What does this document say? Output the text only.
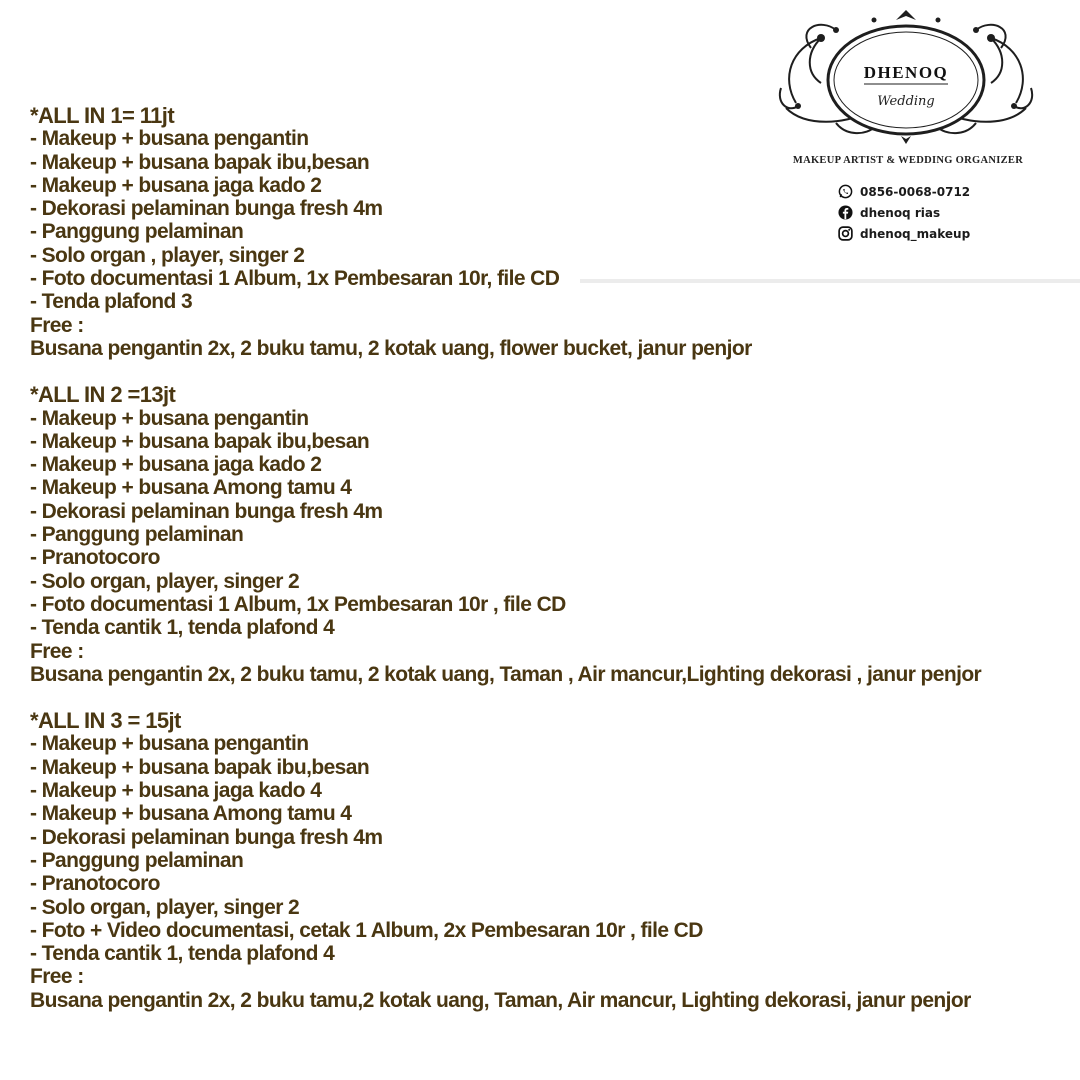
*ALL IN 1= 11jt
- Makeup + busana pengantin
- Makeup + busana bapak ibu,besan
- Makeup + busana jaga kado 2
- Dekorasi pelaminan bunga fresh 4m
- Panggung pelaminan
- Solo organ , player, singer 2
- Foto documentasi 1 Album, 1x Pembesaran 10r, file CD
- Tenda plafond 3
Free :
Busana pengantin 2x, 2 buku tamu, 2 kotak uang, flower bucket, janur penjor
*ALL IN 2 =13jt
- Makeup + busana pengantin
- Makeup + busana bapak ibu,besan
- Makeup + busana jaga kado 2
- Makeup + busana Among tamu 4
- Dekorasi pelaminan bunga fresh 4m
- Panggung pelaminan
- Pranotocoro
- Solo organ, player, singer 2
- Foto documentasi 1 Album, 1x Pembesaran 10r , file CD
- Tenda cantik 1, tenda plafond 4
Free :
Busana pengantin 2x, 2 buku tamu, 2 kotak uang, Taman , Air mancur,Lighting dekorasi , janur penjor
*ALL IN 3 = 15jt
- Makeup + busana pengantin
- Makeup + busana bapak ibu,besan
- Makeup + busana jaga kado 4
- Makeup + busana Among tamu 4
- Dekorasi pelaminan bunga fresh 4m
- Panggung pelaminan
- Pranotocoro
- Solo organ, player, singer 2
- Foto + Video documentasi, cetak 1 Album, 2x Pembesaran 10r , file CD
- Tenda cantik 1, tenda plafond 4
Free :
Busana pengantin 2x, 2 buku tamu,2 kotak uang, Taman, Air mancur, Lighting dekorasi, janur penjor
DHENOQ
Wedding
MAKEUP ARTIST & WEDDING ORGANIZER
0856-0068-0712
dhenoq rias
dhenoq_makeup
